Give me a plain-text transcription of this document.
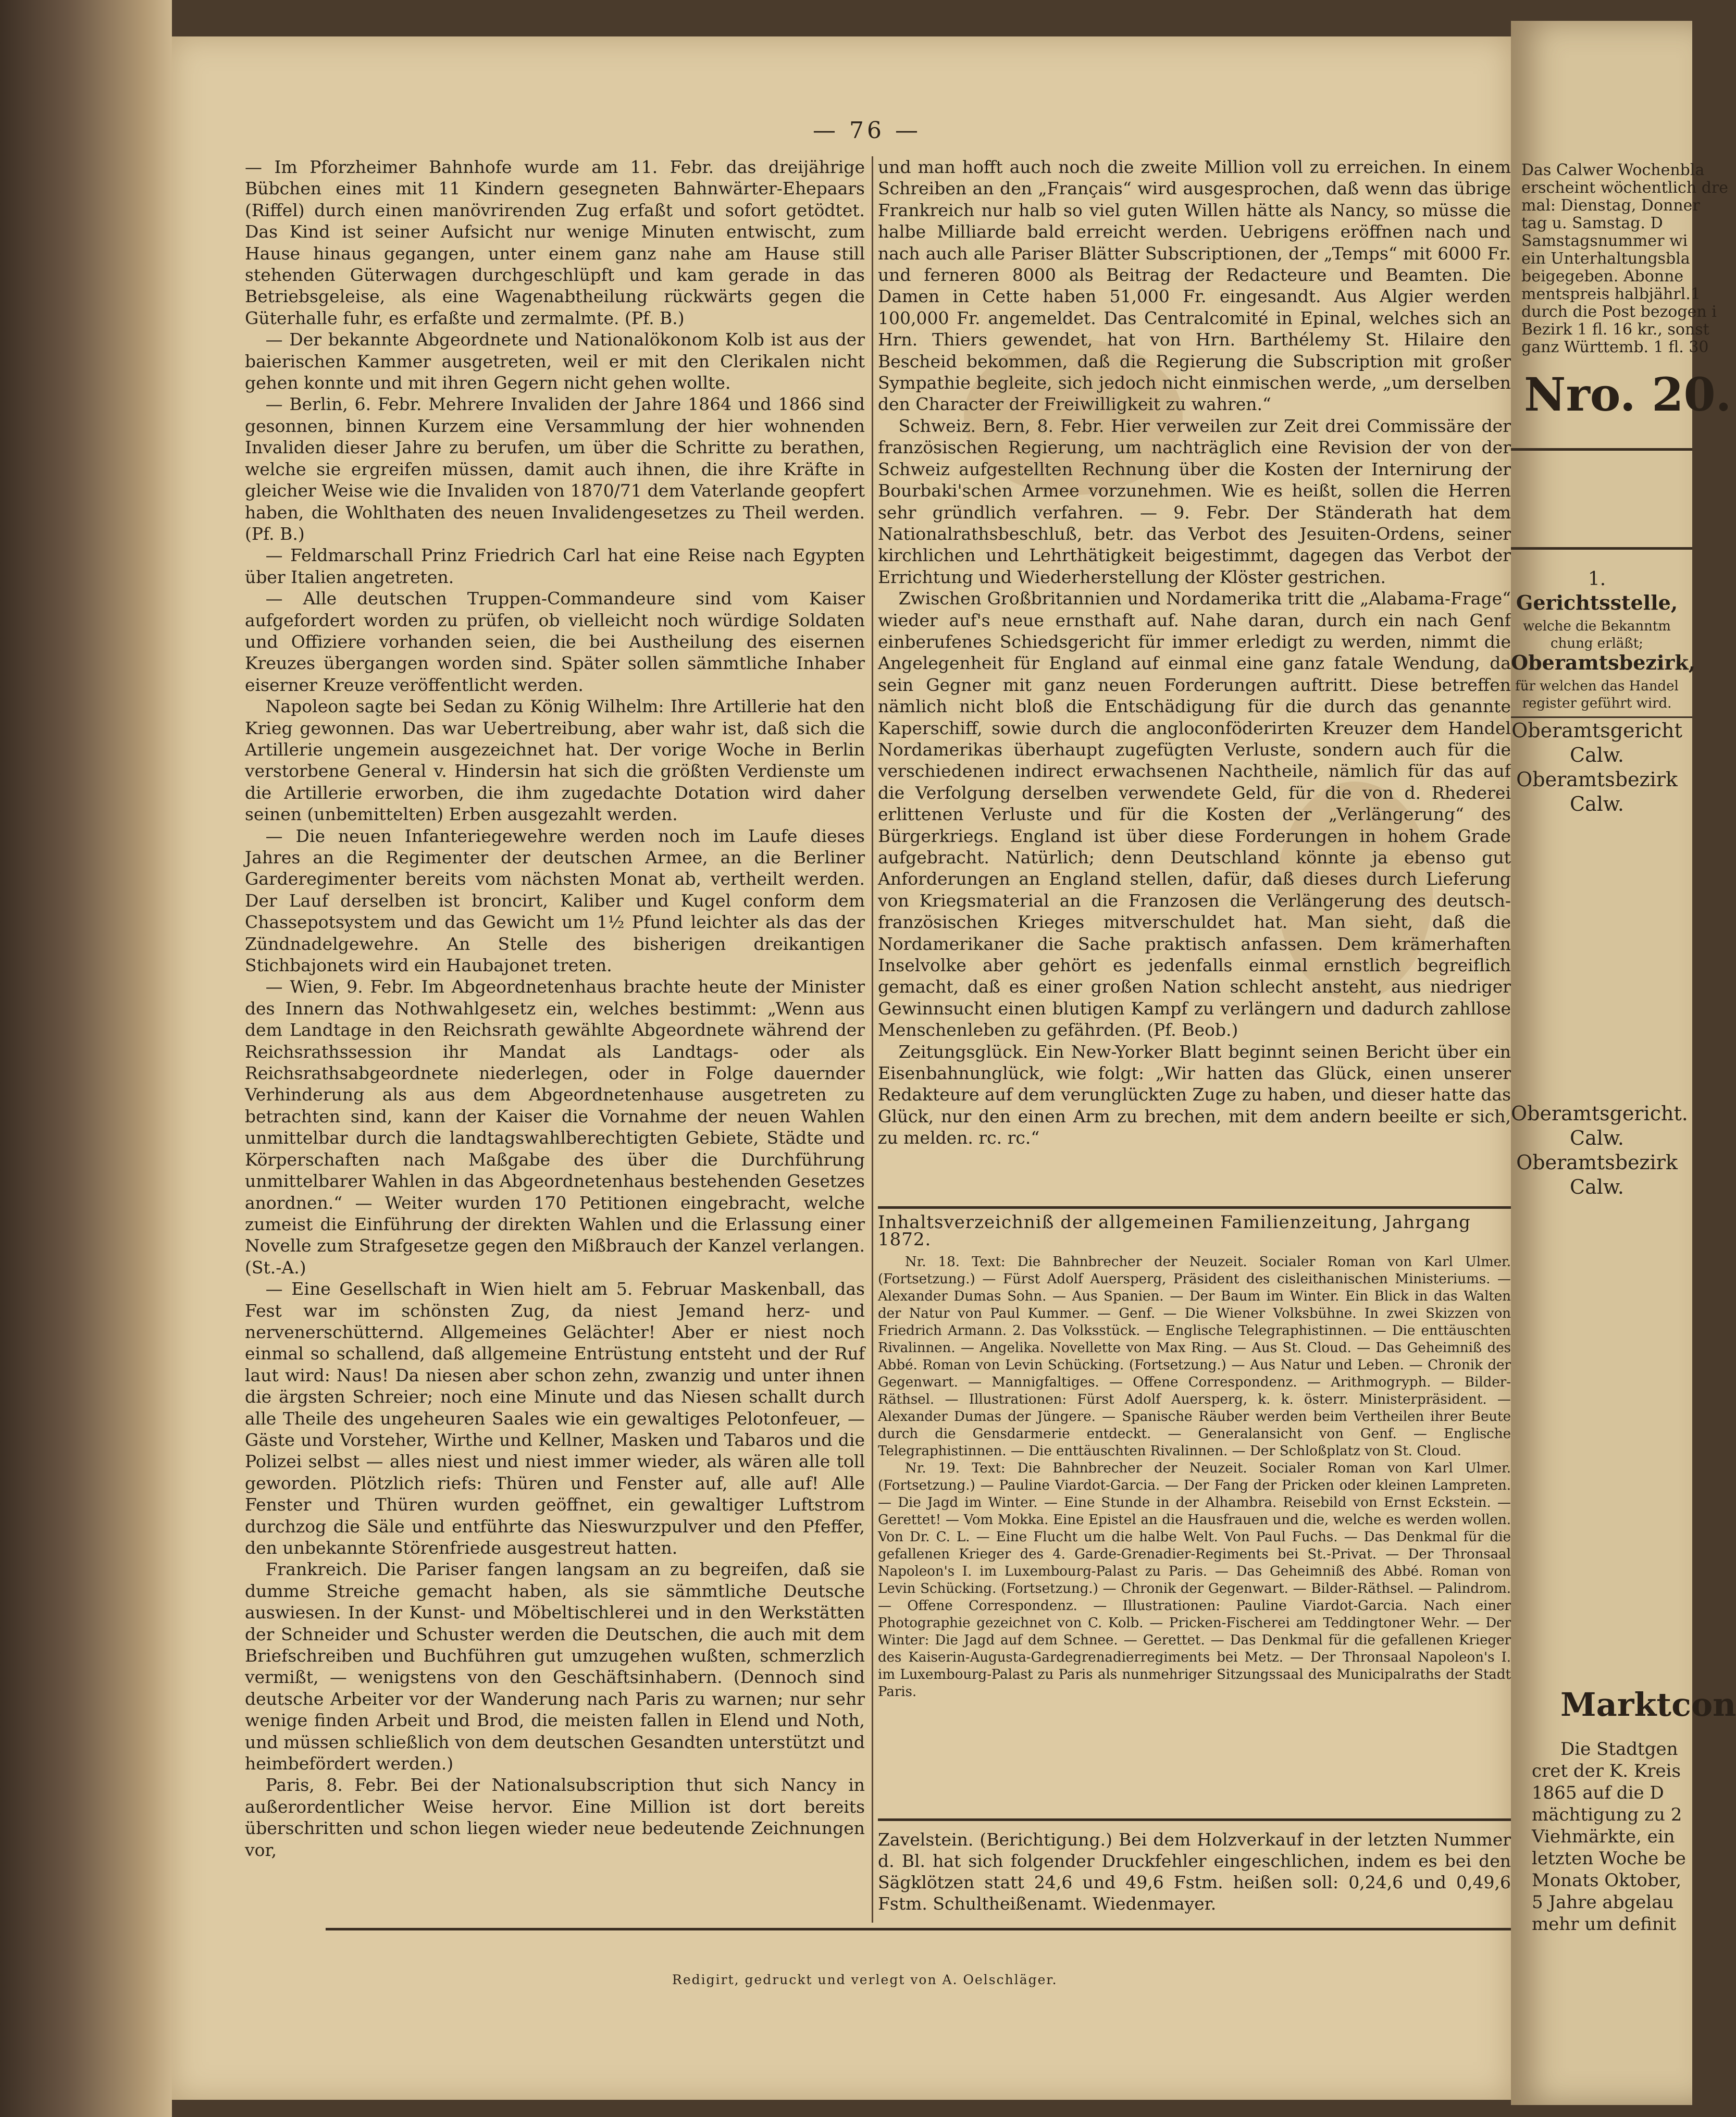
— 76 —

— Im Pforzheimer Bahnhofe wurde am 11. Febr. das dreijährige Bübchen eines mit 11 Kindern gesegneten Bahnwärter-Ehepaars (Riffel) durch einen manövrirenden Zug erfaßt und sofort getödtet. Das Kind ist seiner Aufsicht nur wenige Minuten entwischt, zum Hause hinaus gegangen, unter einem ganz nahe am Hause still stehenden Güterwagen durchgeschlüpft und kam gerade in das Betriebsgeleise, als eine Wagenabtheilung rückwärts gegen die Güterhalle fuhr, es erfaßte und zermalmte. (Pf. B.)

— Der bekannte Abgeordnete und Nationalökonom Kolb ist aus der baierischen Kammer ausgetreten, weil er mit den Clerikalen nicht gehen konnte und mit ihren Gegern nicht gehen wollte.

— Berlin, 6. Febr. Mehrere Invaliden der Jahre 1864 und 1866 sind gesonnen, binnen Kurzem eine Versammlung der hier wohnenden Invaliden dieser Jahre zu berufen, um über die Schritte zu berathen, welche sie ergreifen müssen, damit auch ihnen, die ihre Kräfte in gleicher Weise wie die Invaliden von 1870/71 dem Vaterlande geopfert haben, die Wohlthaten des neuen Invalidengesetzes zu Theil werden. (Pf. B.)

— Feldmarschall Prinz Friedrich Carl hat eine Reise nach Egypten über Italien angetreten.

— Alle deutschen Truppen-Commandeure sind vom Kaiser aufgefordert worden zu prüfen, ob vielleicht noch würdige Soldaten und Offiziere vorhanden seien, die bei Austheilung des eisernen Kreuzes übergangen worden sind. Später sollen sämmtliche Inhaber eiserner Kreuze veröffentlicht werden.

Napoleon sagte bei Sedan zu König Wilhelm: Ihre Artillerie hat den Krieg gewonnen. Das war Uebertreibung, aber wahr ist, daß sich die Artillerie ungemein ausgezeichnet hat. Der vorige Woche in Berlin verstorbene General v. Hindersin hat sich die größten Verdienste um die Artillerie erworben, die ihm zugedachte Dotation wird daher seinen (unbemittelten) Erben ausgezahlt werden.

— Die neuen Infanteriegewehre werden noch im Laufe dieses Jahres an die Regimenter der deutschen Armee, an die Berliner Garderegimenter bereits vom nächsten Monat ab, vertheilt werden. Der Lauf derselben ist broncirt, Kaliber und Kugel conform dem Chassepotsystem und das Gewicht um 1½ Pfund leichter als das der Zündnadelgewehre. An Stelle des bisherigen dreikantigen Stichbajonets wird ein Haubajonet treten.

— Wien, 9. Febr. Im Abgeordnetenhaus brachte heute der Minister des Innern das Nothwahlgesetz ein, welches bestimmt: „Wenn aus dem Landtage in den Reichsrath gewählte Abgeordnete während der Reichsrathssession ihr Mandat als Landtags- oder als Reichsrathsabgeordnete niederlegen, oder in Folge dauernder Verhinderung als aus dem Abgeordnetenhause ausgetreten zu betrachten sind, kann der Kaiser die Vornahme der neuen Wahlen unmittelbar durch die landtagswahlberechtigten Gebiete, Städte und Körperschaften nach Maßgabe des über die Durchführung unmittelbarer Wahlen in das Abgeordnetenhaus bestehenden Gesetzes anordnen.“ — Weiter wurden 170 Petitionen eingebracht, welche zumeist die Einführung der direkten Wahlen und die Erlassung einer Novelle zum Strafgesetze gegen den Mißbrauch der Kanzel verlangen. (St.-A.)

— Eine Gesellschaft in Wien hielt am 5. Februar Maskenball, das Fest war im schönsten Zug, da niest Jemand herz- und nervenerschütternd. Allgemeines Gelächter! Aber er niest noch einmal so schallend, daß allgemeine Entrüstung entsteht und der Ruf laut wird: Naus! Da niesen aber schon zehn, zwanzig und unter ihnen die ärgsten Schreier; noch eine Minute und das Niesen schallt durch alle Theile des ungeheuren Saales wie ein gewaltiges Pelotonfeuer, — Gäste und Vorsteher, Wirthe und Kellner, Masken und Tabaros und die Polizei selbst — alles niest und niest immer wieder, als wären alle toll geworden. Plötzlich riefs: Thüren und Fenster auf, alle auf! Alle Fenster und Thüren wurden geöffnet, ein gewaltiger Luftstrom durchzog die Säle und entführte das Nieswurzpulver und den Pfeffer, den unbekannte Störenfriede ausgestreut hatten.

Frankreich. Die Pariser fangen langsam an zu begreifen, daß sie dumme Streiche gemacht haben, als sie sämmtliche Deutsche auswiesen. In der Kunst- und Möbeltischlerei und in den Werkstätten der Schneider und Schuster werden die Deutschen, die auch mit dem Briefschreiben und Buchführen gut umzugehen wußten, schmerzlich vermißt, — wenigstens von den Geschäftsinhabern. (Dennoch sind deutsche Arbeiter vor der Wanderung nach Paris zu warnen; nur sehr wenige finden Arbeit und Brod, die meisten fallen in Elend und Noth, und müssen schließlich von dem deutschen Gesandten unterstützt und heimbefördert werden.)

Paris, 8. Febr. Bei der Nationalsubscription thut sich Nancy in außerordentlicher Weise hervor. Eine Million ist dort bereits überschritten und schon liegen wieder neue bedeutende Zeichnungen vor,

und man hofft auch noch die zweite Million voll zu erreichen. In einem Schreiben an den „Français“ wird ausgesprochen, daß wenn das übrige Frankreich nur halb so viel guten Willen hätte als Nancy, so müsse die halbe Milliarde bald erreicht werden. Uebrigens eröffnen nach und nach auch alle Pariser Blätter Subscriptionen, der „Temps“ mit 6000 Fr. und ferneren 8000 als Beitrag der Redacteure und Beamten. Die Damen in Cette haben 51,000 Fr. eingesandt. Aus Algier werden 100,000 Fr. angemeldet. Das Centralcomité in Epinal, welches sich an Hrn. Thiers gewendet, hat von Hrn. Barthélemy St. Hilaire den Bescheid bekommen, daß die Regierung die Subscription mit großer Sympathie begleite, sich jedoch nicht einmischen werde, „um derselben den Character der Freiwilligkeit zu wahren.“

Schweiz. Bern, 8. Febr. Hier verweilen zur Zeit drei Commissäre der französischen Regierung, um nachträglich eine Revision der von der Schweiz aufgestellten Rechnung über die Kosten der Internirung der Bourbaki'schen Armee vorzunehmen. Wie es heißt, sollen die Herren sehr gründlich verfahren. — 9. Febr. Der Ständerath hat dem Nationalrathsbeschluß, betr. das Verbot des Jesuiten-Ordens, seiner kirchlichen und Lehrthätigkeit beigestimmt, dagegen das Verbot der Errichtung und Wiederherstellung der Klöster gestrichen.

Zwischen Großbritannien und Nordamerika tritt die „Alabama-Frage“ wieder auf's neue ernsthaft auf. Nahe daran, durch ein nach Genf einberufenes Schiedsgericht für immer erledigt zu werden, nimmt die Angelegenheit für England auf einmal eine ganz fatale Wendung, da sein Gegner mit ganz neuen Forderungen auftritt. Diese betreffen nämlich nicht bloß die Entschädigung für die durch das genannte Kaperschiff, sowie durch die angloconföderirten Kreuzer dem Handel Nordamerikas überhaupt zugefügten Verluste, sondern auch für die verschiedenen indirect erwachsenen Nachtheile, nämlich für das auf die Verfolgung derselben verwendete Geld, für die von d. Rhederei erlittenen Verluste und für die Kosten der „Verlängerung“ des Bürgerkriegs. England ist über diese Forderungen in hohem Grade aufgebracht. Natürlich; denn Deutschland könnte ja ebenso gut Anforderungen an England stellen, dafür, daß dieses durch Lieferung von Kriegsmaterial an die Franzosen die Verlängerung des deutsch-französischen Krieges mitverschuldet hat. Man sieht, daß die Nordamerikaner die Sache praktisch anfassen. Dem krämerhaften Inselvolke aber gehört es jedenfalls einmal ernstlich begreiflich gemacht, daß es einer großen Nation schlecht ansteht, aus niedriger Gewinnsucht einen blutigen Kampf zu verlängern und dadurch zahllose Menschenleben zu gefährden. (Pf. Beob.)

Zeitungsglück. Ein New-Yorker Blatt beginnt seinen Bericht über ein Eisenbahnunglück, wie folgt: „Wir hatten das Glück, einen unserer Redakteure auf dem verunglückten Zuge zu haben, und dieser hatte das Glück, nur den einen Arm zu brechen, mit dem andern beeilte er sich, zu melden. rc. rc.“

Inhaltsverzeichniß der allgemeinen Familienzeitung, Jahrgang 1872.

Nr. 18. Text: Die Bahnbrecher der Neuzeit. Socialer Roman von Karl Ulmer. (Fortsetzung.) — Fürst Adolf Auersperg, Präsident des cisleithanischen Ministeriums. — Alexander Dumas Sohn. — Aus Spanien. — Der Baum im Winter. Ein Blick in das Walten der Natur von Paul Kummer. — Genf. — Die Wiener Volksbühne. In zwei Skizzen von Friedrich Armann. 2. Das Volksstück. — Englische Telegraphistinnen. — Die enttäuschten Rivalinnen. — Angelika. Novellette von Max Ring. — Aus St. Cloud. — Das Geheimniß des Abbé. Roman von Levin Schücking. (Fortsetzung.) — Aus Natur und Leben. — Chronik der Gegenwart. — Mannigfaltiges. — Offene Correspondenz. — Arithmogryph. — Bilder-Räthsel. — Illustrationen: Fürst Adolf Auersperg, k. k. österr. Ministerpräsident. — Alexander Dumas der Jüngere. — Spanische Räuber werden beim Vertheilen ihrer Beute durch die Gensdarmerie entdeckt. — Generalansicht von Genf. — Englische Telegraphistinnen. — Die enttäuschten Rivalinnen. — Der Schloßplatz von St. Cloud.

Nr. 19. Text: Die Bahnbrecher der Neuzeit. Socialer Roman von Karl Ulmer. (Fortsetzung.) — Pauline Viardot-Garcia. — Der Fang der Pricken oder kleinen Lampreten. — Die Jagd im Winter. — Eine Stunde in der Alhambra. Reisebild von Ernst Eckstein. — Gerettet! — Vom Mokka. Eine Epistel an die Hausfrauen und die, welche es werden wollen. Von Dr. C. L. — Eine Flucht um die halbe Welt. Von Paul Fuchs. — Das Denkmal für die gefallenen Krieger des 4. Garde-Grenadier-Regiments bei St.-Privat. — Der Thronsaal Napoleon's I. im Luxembourg-Palast zu Paris. — Das Geheimniß des Abbé. Roman von Levin Schücking. (Fortsetzung.) — Chronik der Gegenwart. — Bilder-Räthsel. — Palindrom. — Offene Correspondenz. — Illustrationen: Pauline Viardot-Garcia. Nach einer Photographie gezeichnet von C. Kolb. — Pricken-Fischerei am Teddingtoner Wehr. — Der Winter: Die Jagd auf dem Schnee. — Gerettet. — Das Denkmal für die gefallenen Krieger des Kaiserin-Augusta-Gardegrenadierregiments bei Metz. — Der Thronsaal Napoleon's I. im Luxembourg-Palast zu Paris als nunmehriger Sitzungssaal des Municipalraths der Stadt Paris.

Zavelstein. (Berichtigung.) Bei dem Holzverkauf in der letzten Nummer d. Bl. hat sich folgender Druckfehler eingeschlichen, indem es bei den Sägklötzen statt 24,6 und 49,6 Fstm. heißen soll: 0,24,6 und 0,49,6 Fstm. Schultheißenamt. Wiedenmayer.
Redigirt, gedruckt und verlegt von A. Oelschläger.
Das Calwer Wochenbla
erscheint wöchentlich dre
mal: Dienstag, Donner
tag u. Samstag. D
Samstagsnummer wi
ein Unterhaltungsbla
beigegeben. Abonne
mentspreis halbjährl.1
durch die Post bezogen i
Bezirk 1 fl. 16 kr., sonst
ganz Württemb. 1 fl. 30
Nro. 20.
1.
Gerichtsstelle,
welche die Bekanntm
chung erläßt;
Oberamtsbezirk,
für welchen das Handel
register geführt wird.
Oberamtsgericht
Calw.
Oberamtsbezirk
Calw.
Oberamtsgericht.
Calw.
Oberamtsbezirk
Calw.
Marktcon
Die Stadtgen
cret der K. Kreis
1865 auf die D
mächtigung zu 2
Viehmärkte, ein
letzten Woche be
Monats Oktober,
5 Jahre abgelau
mehr um definit
